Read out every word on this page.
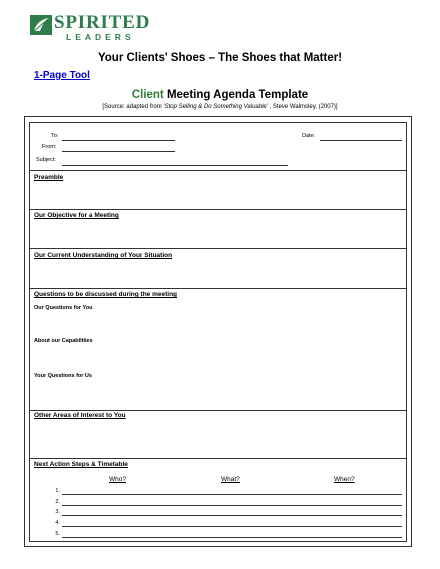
SPIRITED
LEADERS
Your Clients' Shoes – The Shoes that Matter!
1-Page Tool
Client Meeting Agenda Template
[Source: adapted from 'Stop Selling & Do Something Valuable' , Steve Walmsley, (2007)]
To:
From:
Subject:
Date:
Preamble
Our Objective for a Meeting
Our Current Understanding of Your Situation
Questions to be discussed during the meeting
Our Questions for You
About our Capabilities
Your Questions for Us
Other Areas of Interest to You
Next Action Steps & Timetable
Who?	What?	When?
1.
2.
3.
4.
5.
